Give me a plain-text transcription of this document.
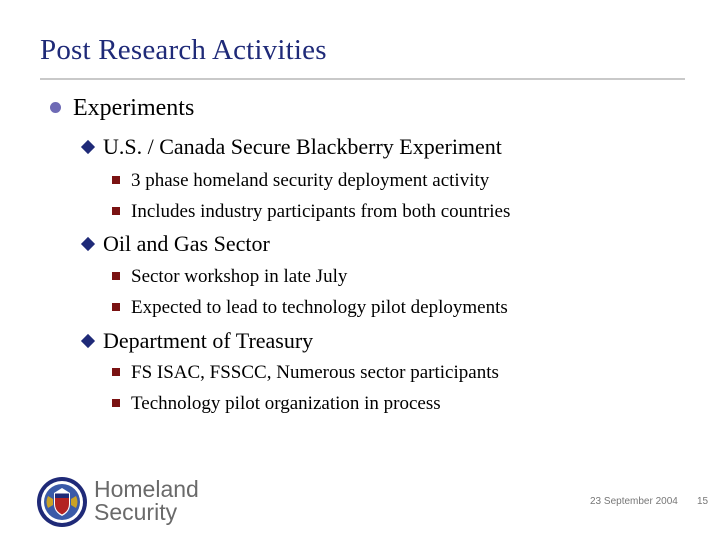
Post Research Activities
Experiments
U.S. / Canada Secure Blackberry Experiment
3 phase homeland security deployment activity
Includes industry participants from both countries
Oil and Gas Sector
Sector workshop in late July
Expected to lead to technology pilot deployments
Department of Treasury
FS ISAC, FSSCC, Numerous sector participants
Technology pilot organization in process
Homeland
Security	23 September 2004 15
